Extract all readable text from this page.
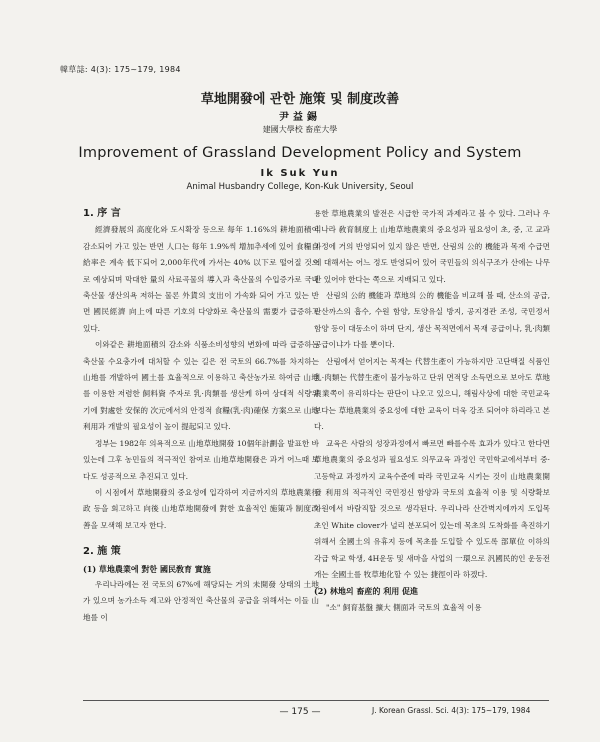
韓草誌: 4(3): 175~179, 1984
草地開發에 관한 施策 및 制度改善
尹益錫
建國大學校 畜産大學
Improvement of Grassland Development Policy and System
Ik Suk Yun
Animal Husbandry College, Kon-Kuk University, Seoul

1. 序 言

經濟發展의 高度化와 도시확장 등으로 每年 1.16%의 耕地面積이 감소되어 가고 있는 반면 人口는 每年 1.9%씩 增加추세에 있어 食糧自給率은 계속 低下되어 2,000年代에 가서는 40% 以下로 떨어질 것으로 예상되며 막대한 量의 사료곡물의 導入과 축산물의 수입증가로 국내 축산물 생산의욕 저하는 물론 外貨의 支出이 가속화 되어 가고 있는 반면 國民經濟 向上에 따른 기호의 다양화로 축산물의 需要가 급증하고 있다.

이와같은 耕地面積의 감소와 식품소비성향의 변화에 따라 급증하는 축산물 수요충가에 대처할 수 있는 길은 전 국토의 66.7%를 차지하는 山地를 개발하여 國土를 효율적으로 이용하고 축산농가로 하여금 山地를 이용한 저렴한 飼料資 주자로 乳·肉類를 생산케 하여 상대적 식량위기에 對處한 安保的 次元에서의 안정적 食糧(乳·肉)確保 方案으로 山地利用과 개발의 필요성이 높이 提起되고 있다.

정부는 1982年 의욕적으로 山地草地開發 10個年計劃을 발표한 바 있는데 그후 농민들의 적극적인 참여로 山地草地開發은 과거 어느때 보다도 성공적으로 추진되고 있다.

이 시점에서 草地開發의 중요성에 입각하여 지금까지의 草地農業行政 등을 회고하고 向後 山地草地開發에 對한 효율적인 施策과 制度改善을 모색해 보고자 한다.

2. 施 策

(1) 草地農業에 對한 國民敎育 實施

우리나라에는 전 국토의 67%에 해당되는 거의 未開發 상태의 土地가 있으며 농가소득 제고와 안정적인 축산물의 공급을 위해서는 이들 山地를 이

용한 草地農業의 발전은 시급한 국가적 과제라고 볼 수 있다. 그러나 우리나라 敎育制度上 山地草地農業의 중요성과 필요성이 초, 중, 고 교과 과정에 거의 반영되어 있지 않은 반면, 산림의 公的 機能과 목재 수급면에 대해서는 어느 정도 반영되어 있어 국민들의 의식구조가 산에는 나무만 있어야 한다는 쪽으로 지배되고 있다.

산림의 公的 機能과 草地의 公的 機能을 비교해 볼 때, 산소의 공급, 탄산까스의 흡수, 수원 함양, 토양유실 방지, 공지경관 조성, 국민정서 함양 등이 대동소이 하며 단지, 생산 목적면에서 목재 공급이나, 乳·肉類 공급이냐가 다를 뿐이다.

산림에서 얻어지는 목재는 代替生產이 가능하지만 고단백질 식품인 乳·肉類는 代替生產이 불가능하고 단위 면적당 소득면으로 보아도 草地農業쪽이 유리하다는 판단이 나오고 있으니, 해림사상에 대한 국민교육 보다는 草地農業의 중요성에 대한 교육이 더욱 강조 되어야 하리라고 본다.

교육은 사람의 성장과정에서 빠르면 빠를수록 효과가 있다고 한다면 草地農業의 중요성과 필요성도 의무교육 과정인 국민학교에서부터 중·고등학교 과정까지 교육수준에 따라 국민교육 시키는 것이 山地農業開發 利用의 적극적인 국민정신 함양과 국토의 효율적 이용 및 식량확보 차원에서 바람직할 것으로 생각된다. 우리나라 산간벽지에까지 도입목초인 White clover가 널리 분포되어 있는데 목초의 도착화를 촉진하기 위해서 全國土의 유휴지 등에 목초를 도입할 수 있도록 部單位 이하의 각급 학교 학생, 4H운동 및 새마을 사업의 一環으로 汎國民的인 운동전개는 全國土를 牧草地化할 수 있는 捷徑이라 하겠다.

(2) 林地의 畜産的 利用 促進

"소" 飼育基盤 擴大 側面과 국토의 효율적 이용

— 175 —	J. Korean Grassl. Sci. 4(3): 175~179, 1984
